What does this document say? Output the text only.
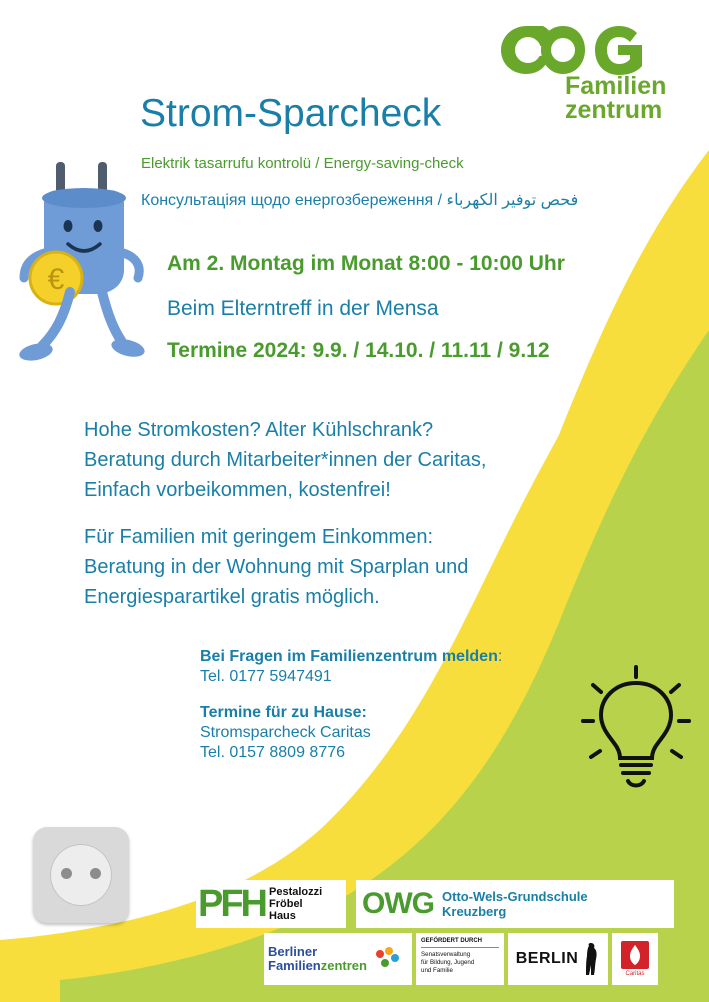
Familien
zentrum
Strom-Sparcheck
Elektrik tasarrufu kontrolü / Energy-saving-check
Консультаціяя щодо енергозбереження / فحص توفير الكهرباء
€	Am 2. Montag im Monat 8:00 - 10:00 Uhr
Beim Elterntreff in der Mensa
Termine 2024: 9.9. / 14.10. / 11.11 / 9.12
Hohe Stromkosten? Alter Kühlschrank?
Beratung durch Mitarbeiter*innen der Caritas,
Einfach vorbeikommen, kostenfrei!
Für Familien mit geringem Einkommen:
Beratung in der Wohnung mit Sparplan und
Energiesparartikel gratis möglich.
Bei Fragen im Familienzentrum melden:
Tel. 0177 5947491
Termine für zu Hause:
Stromsparcheck Caritas
Tel. 0157 8809 8776
PFH Pestalozzi
Fröbel
Haus	OWG Otto-Wels-Grundschule
Kreuzberg
Berliner
Familienzentren
GEFÖRDERT DURCH
Senatsverwaltung
für Bildung, Jugend
und Familie
BERLIN
Caritas
